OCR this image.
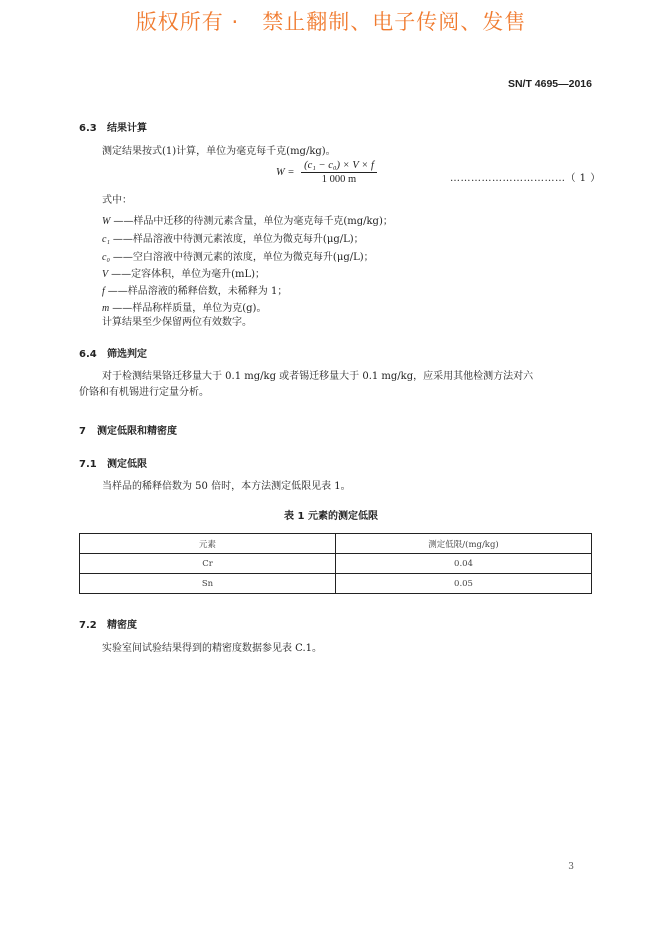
版权所有 ·   禁止翻制、电子传阅、发售
SN/T 4695—2016
6.3 结果计算
测定结果按式(1)计算，单位为毫克每千克(mg/kg)。
$W = \frac{\text{(c₁ − c₀) × V × f}}{1 000 m}$	……………………………（ 1 ）
式中：
W ——样品中迁移的待测元素含量，单位为毫克每千克(mg/kg)；
c₁ ——样品溶液中待测元素浓度，单位为微克每升(μg/L)；
c₀ ——空白溶液中待测元素的浓度，单位为微克每升(μg/L)；
V ——定容体积，单位为毫升(mL)；
f ——样品溶液的稀释倍数，未稀释为 1；
m ——样品称样质量，单位为克(g)。
计算结果至少保留两位有效数字。
6.4 筛选判定
对于检测结果铬迁移量大于 0.1 mg/kg 或者锡迁移量大于 0.1 mg/kg，应采用其他检测方法对六
价铬和有机锡进行定量分析。
7 测定低限和精密度
7.1 测定低限
当样品的稀释倍数为 50 倍时，本方法测定低限见表 1。
表 1 元素的测定低限
元素	测定低限/(mg/kg)
Cr	0.04
Sn	0.05
7.2 精密度
实验室间试验结果得到的精密度数据参见表 C.1。
3
